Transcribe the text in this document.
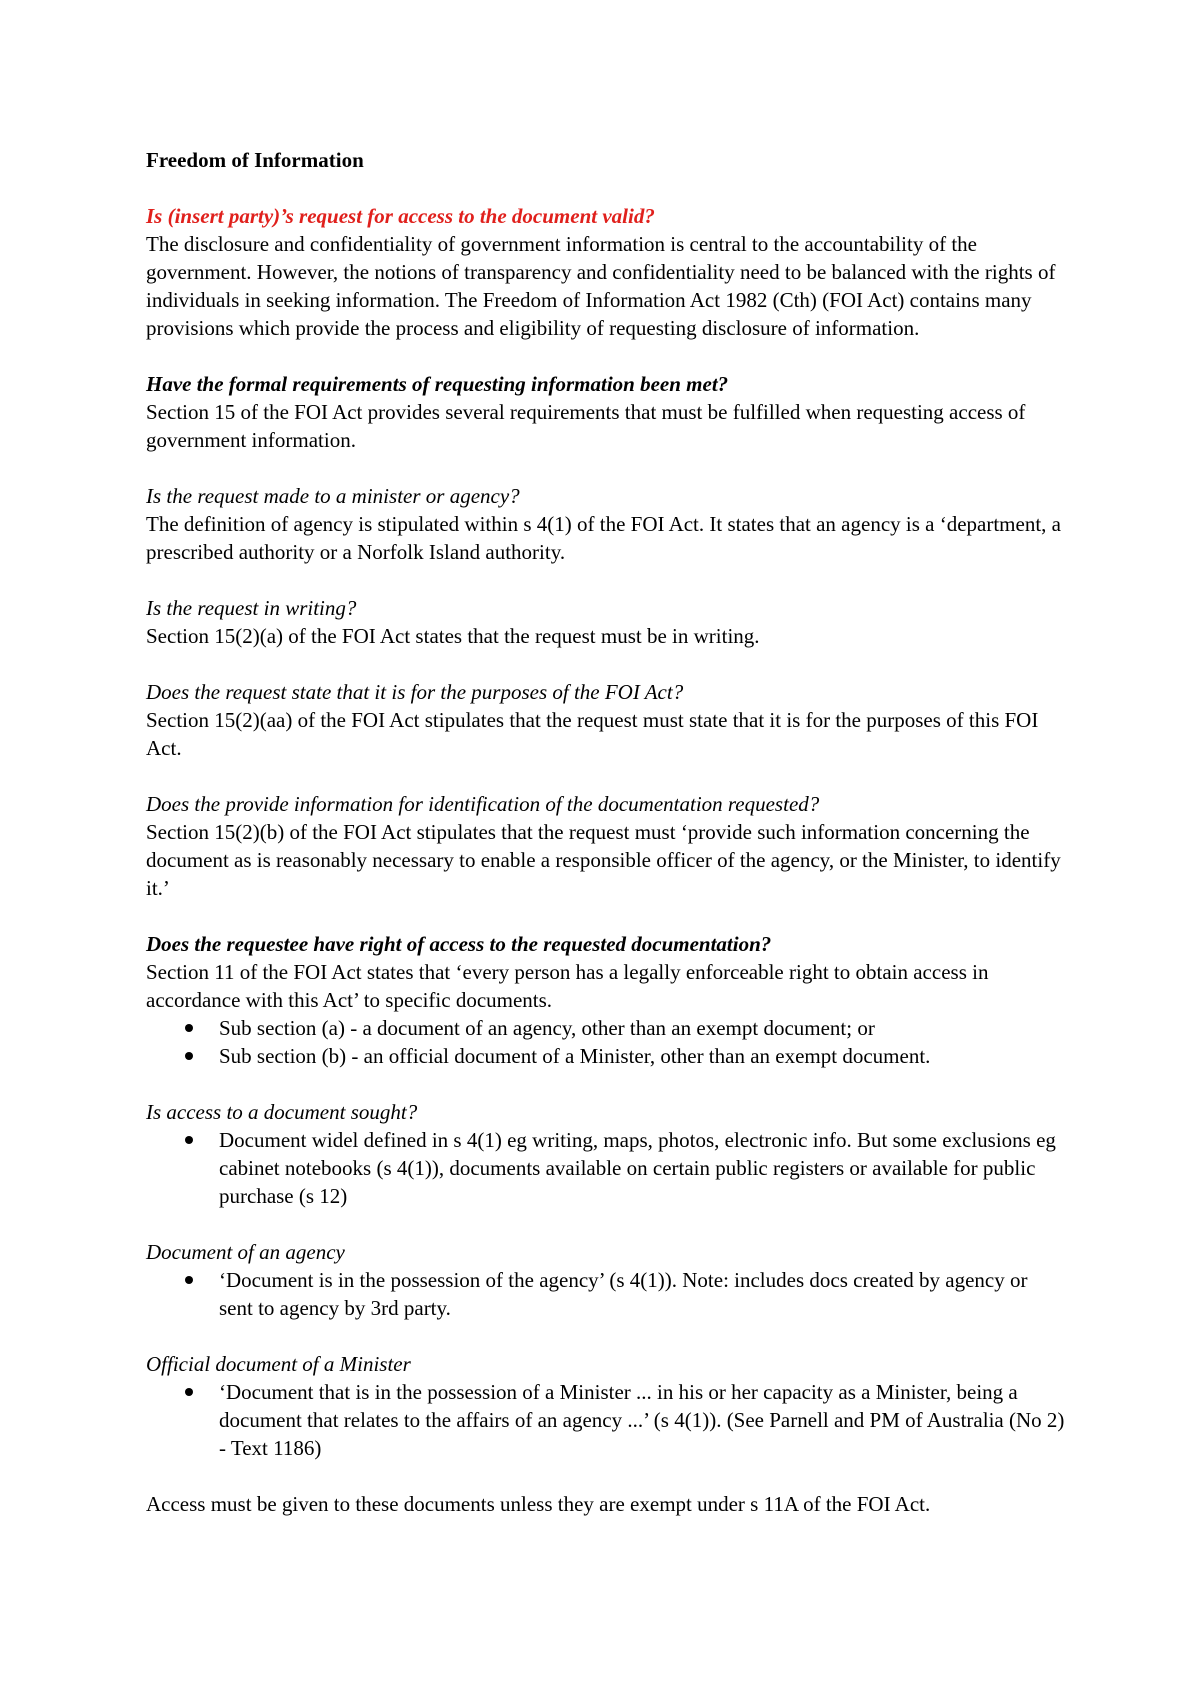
Freedom of Information

Is (insert party)’s request for access to the document valid?

The disclosure and confidentiality of government information is central to the accountability of the government. However, the notions of transparency and confidentiality need to be balanced with the rights of individuals in seeking information. The Freedom of Information Act 1982 (Cth) (FOI Act) contains many provisions which provide the process and eligibility of requesting disclosure of information.

Have the formal requirements of requesting information been met?

Section 15 of the FOI Act provides several requirements that must be fulfilled when requesting access of government information.

Is the request made to a minister or agency?

The definition of agency is stipulated within s 4(1) of the FOI Act. It states that an agency is a ‘department, a prescribed authority or a Norfolk Island authority.

Is the request in writing?

Section 15(2)(a) of the FOI Act states that the request must be in writing.

Does the request state that it is for the purposes of the FOI Act?

Section 15(2)(aa) of the FOI Act stipulates that the request must state that it is for the purposes of this FOI Act.

Does the provide information for identification of the documentation requested?

Section 15(2)(b) of the FOI Act stipulates that the request must ‘provide such information concerning the document as is reasonably necessary to enable a responsible officer of the agency, or the Minister, to identify it.’

Does the requestee have right of access to the requested documentation?

Section 11 of the FOI Act states that ‘every person has a legally enforceable right to obtain access in accordance with this Act’ to specific documents.

Sub section (a) - a document of an agency, other than an exempt document; or
Sub section (b) - an official document of a Minister, other than an exempt document.

Is access to a document sought?

Document widel defined in s 4(1) eg writing, maps, photos, electronic info. But some exclusions eg cabinet notebooks (s 4(1)), documents available on certain public registers or available for public purchase (s 12)

Document of an agency

‘Document is in the possession of the agency’ (s 4(1)). Note: includes docs created by agency or sent to agency by 3rd party.

Official document of a Minister

‘Document that is in the possession of a Minister ... in his or her capacity as a Minister, being a document that relates to the affairs of an agency ...’ (s 4(1)). (See Parnell and PM of Australia (No 2) - Text 1186)

Access must be given to these documents unless they are exempt under s 11A of the FOI Act.
